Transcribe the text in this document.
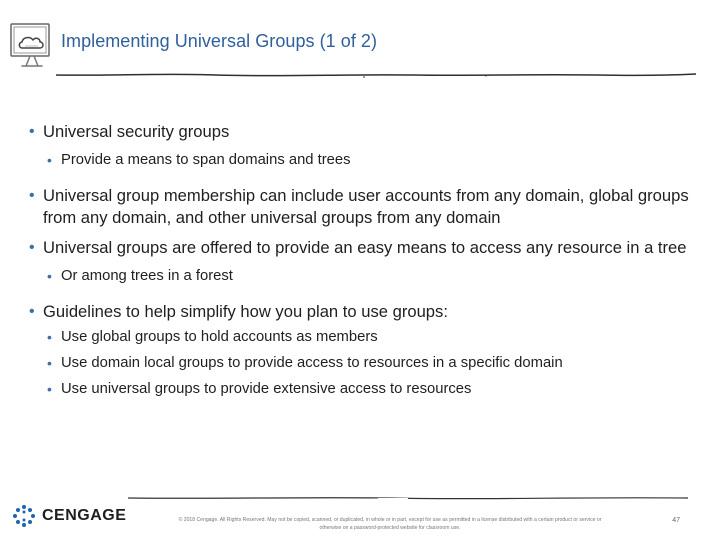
Implementing Universal Groups (1 of 2)
• Universal security groups
• Provide a means to span domains and trees
• Universal group membership can include user accounts from any domain, global groups from any domain, and other universal groups from any domain
• Universal groups are offered to provide an easy means to access any resource in a tree
• Or among trees in a forest
• Guidelines to help simplify how you plan to use groups:
• Use global groups to hold accounts as members
• Use domain local groups to provide access to resources in a specific domain
• Use universal groups to provide extensive access to resources
CENGAGE	© 2018 Cengage. All Rights Reserved. May not be copied, scanned, or duplicated, in whole or in part, except for use as permitted in a license distributed with a certain product or service or
otherwise on a password-protected website for classroom use.
47
